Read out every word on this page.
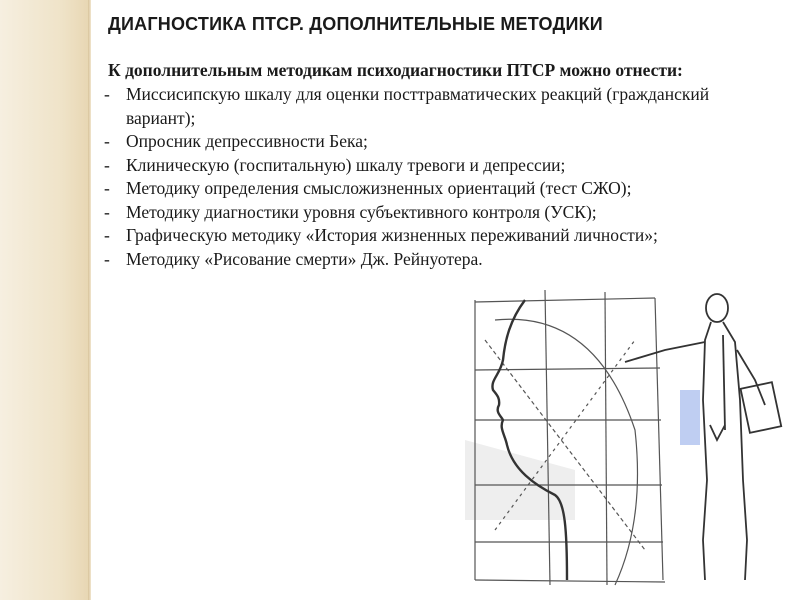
ДИАГНОСТИКА ПТСР. ДОПОЛНИТЕЛЬНЫЕ МЕТОДИКИ
К дополнительным методикам психодиагностики ПТСР можно отнести:
- Миссисипскую шкалу для оценки посттравматических реакций (гражданский вариант);
- Опросник депрессивности Бека;
- Клиническую (госпитальную) шкалу тревоги и депрессии;
- Методику определения смысложизненных ориентаций (тест СЖО);
- Методику диагностики уровня субъективного контроля (УСК);
- Графическую методику «История жизненных переживаний личности»;
- Методику «Рисование смерти» Дж. Рейнуотера.
